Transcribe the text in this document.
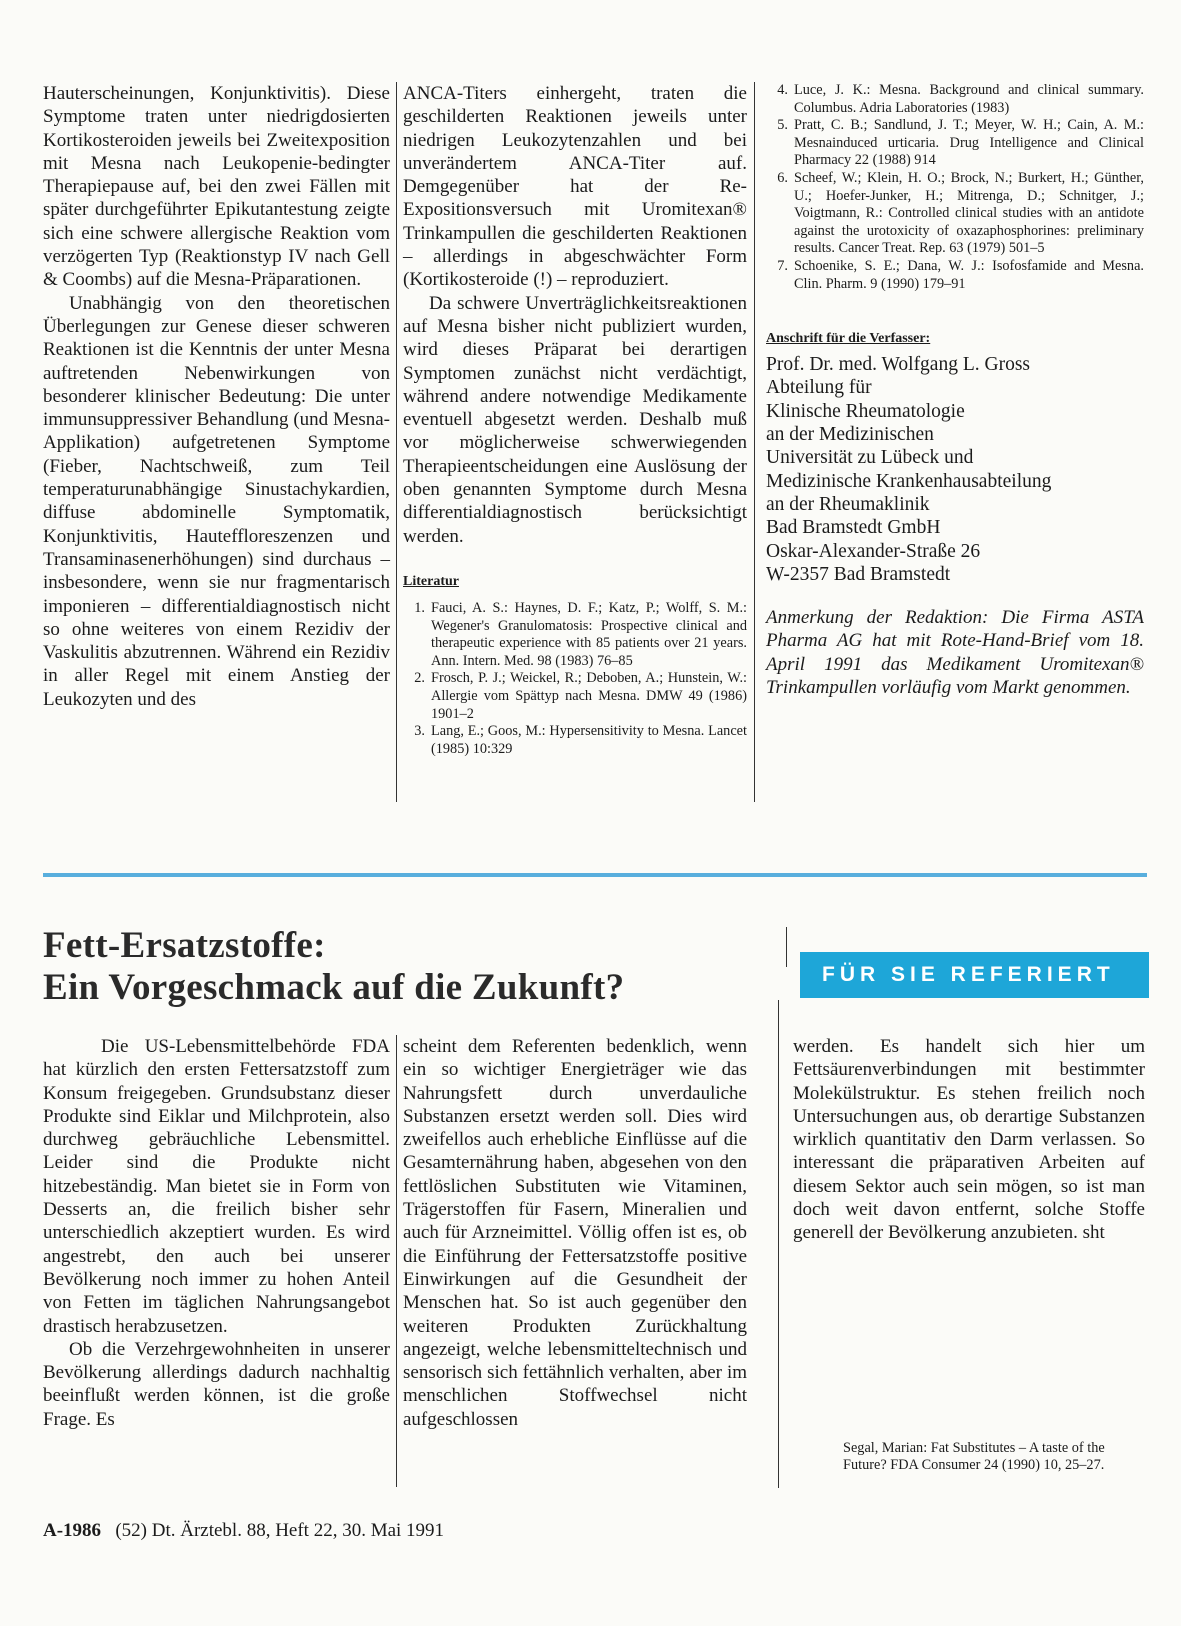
Hauterscheinungen, Konjunktivitis). Diese Symptome traten unter niedrigdosierten Kortikosteroiden jeweils bei Zweitexposition mit Mesna nach Leukopenie-bedingter Therapiepause auf, bei den zwei Fällen mit später durchgeführter Epikutantestung zeigte sich eine schwere allergische Reaktion vom verzögerten Typ (Reaktionstyp IV nach Gell & Coombs) auf die Mesna-Präparationen.

Unabhängig von den theoretischen Überlegungen zur Genese dieser schweren Reaktionen ist die Kenntnis der unter Mesna auftretenden Nebenwirkungen von besonderer klinischer Bedeutung: Die unter immunsuppressiver Behandlung (und Mesna-Applikation) aufgetretenen Symptome (Fieber, Nachtschweiß, zum Teil temperaturunabhängige Sinustachykardien, diffuse abdominelle Symptomatik, Konjunktivitis, Hauteffloreszenzen und Transaminasenerhöhungen) sind durchaus – insbesondere, wenn sie nur fragmentarisch imponieren – differentialdiagnostisch nicht so ohne weiteres von einem Rezidiv der Vaskulitis abzutrennen. Während ein Rezidiv in aller Regel mit einem Anstieg der Leukozyten und des

ANCA-Titers einhergeht, traten die geschilderten Reaktionen jeweils unter niedrigen Leukozytenzahlen und bei unverändertem ANCA-Titer auf. Demgegenüber hat der Re-Expositionsversuch mit Uromitexan® Trinkampullen die geschilderten Reaktionen – allerdings in abgeschwächter Form (Kortikosteroide (!) – reproduziert.

Da schwere Unverträglichkeitsreaktionen auf Mesna bisher nicht publiziert wurden, wird dieses Präparat bei derartigen Symptomen zunächst nicht verdächtigt, während andere notwendige Medikamente eventuell abgesetzt werden. Deshalb muß vor möglicherweise schwerwiegenden Therapieentscheidungen eine Auslösung der oben genannten Symptome durch Mesna differentialdiagnostisch berücksichtigt werden.

Literatur
1. Fauci, A. S.: Haynes, D. F.; Katz, P.; Wolff, S. M.: Wegener's Granulomatosis: Prospective clinical and therapeutic experience with 85 patients over 21 years. Ann. Intern. Med. 98 (1983) 76–85
2. Frosch, P. J.; Weickel, R.; Deboben, A.; Hunstein, W.: Allergie vom Spättyp nach Mesna. DMW 49 (1986) 1901–2
3. Lang, E.; Goos, M.: Hypersensitivity to Mesna. Lancet (1985) 10:329
4. Luce, J. K.: Mesna. Background and clinical summary. Columbus. Adria Laboratories (1983)
5. Pratt, C. B.; Sandlund, J. T.; Meyer, W. H.; Cain, A. M.: Mesnainduced urticaria. Drug Intelligence and Clinical Pharmacy 22 (1988) 914
6. Scheef, W.; Klein, H. O.; Brock, N.; Burkert, H.; Günther, U.; Hoefer-Junker, H.; Mitrenga, D.; Schnitger, J.; Voigtmann, R.: Controlled clinical studies with an antidote against the urotoxicity of oxazaphosphorines: preliminary results. Cancer Treat. Rep. 63 (1979) 501–5
7. Schoenike, S. E.; Dana, W. J.: Isofosfamide and Mesna. Clin. Pharm. 9 (1990) 179–91
Anschrift für die Verfasser:
Prof. Dr. med. Wolfgang L. Gross
Abteilung für
Klinische Rheumatologie
an der Medizinischen
Universität zu Lübeck und
Medizinische Krankenhausabteilung
an der Rheumaklinik
Bad Bramstedt GmbH
Oskar-Alexander-Straße 26
W-2357 Bad Bramstedt
Anmerkung der Redaktion: Die Firma ASTA Pharma AG hat mit Rote-Hand-Brief vom 18. April 1991 das Medikament Uromitexan® Trinkampullen vorläufig vom Markt genommen.
Fett-Ersatzstoffe:
Ein Vorgeschmack auf die Zukunft?	FÜR SIE REFERIERT

Die US-Lebensmittelbehörde FDA hat kürzlich den ersten Fettersatzstoff zum Konsum freigegeben. Grundsubstanz dieser Produkte sind Eiklar und Milchprotein, also durchweg gebräuchliche Lebensmittel. Leider sind die Produkte nicht hitzebeständig. Man bietet sie in Form von Desserts an, die freilich bisher sehr unterschiedlich akzeptiert wurden. Es wird angestrebt, den auch bei unserer Bevölkerung noch immer zu hohen Anteil von Fetten im täglichen Nahrungsangebot drastisch herabzusetzen.

Ob die Verzehrgewohnheiten in unserer Bevölkerung allerdings dadurch nachhaltig beeinflußt werden können, ist die große Frage. Es

scheint dem Referenten bedenklich, wenn ein so wichtiger Energieträger wie das Nahrungsfett durch unverdauliche Substanzen ersetzt werden soll. Dies wird zweifellos auch erhebliche Einflüsse auf die Gesamternährung haben, abgesehen von den fettlöslichen Substituten wie Vitaminen, Trägerstoffen für Fasern, Mineralien und auch für Arzneimittel. Völlig offen ist es, ob die Einführung der Fettersatzstoffe positive Einwirkungen auf die Gesundheit der Menschen hat. So ist auch gegenüber den weiteren Produkten Zurückhaltung angezeigt, welche lebensmitteltechnisch und sensorisch sich fettähnlich verhalten, aber im menschlichen Stoffwechsel nicht aufgeschlossen

werden. Es handelt sich hier um Fettsäurenverbindungen mit bestimmter Molekülstruktur. Es stehen freilich noch Untersuchungen aus, ob derartige Substanzen wirklich quantitativ den Darm verlassen. So interessant die präparativen Arbeiten auf diesem Sektor auch sein mögen, so ist man doch weit davon entfernt, solche Stoffe generell der Bevölkerung anzubieten. sht

Segal, Marian: Fat Substitutes – A taste of the Future? FDA Consumer 24 (1990) 10, 25–27.
A-1986 (52) Dt. Ärztebl. 88, Heft 22, 30. Mai 1991
